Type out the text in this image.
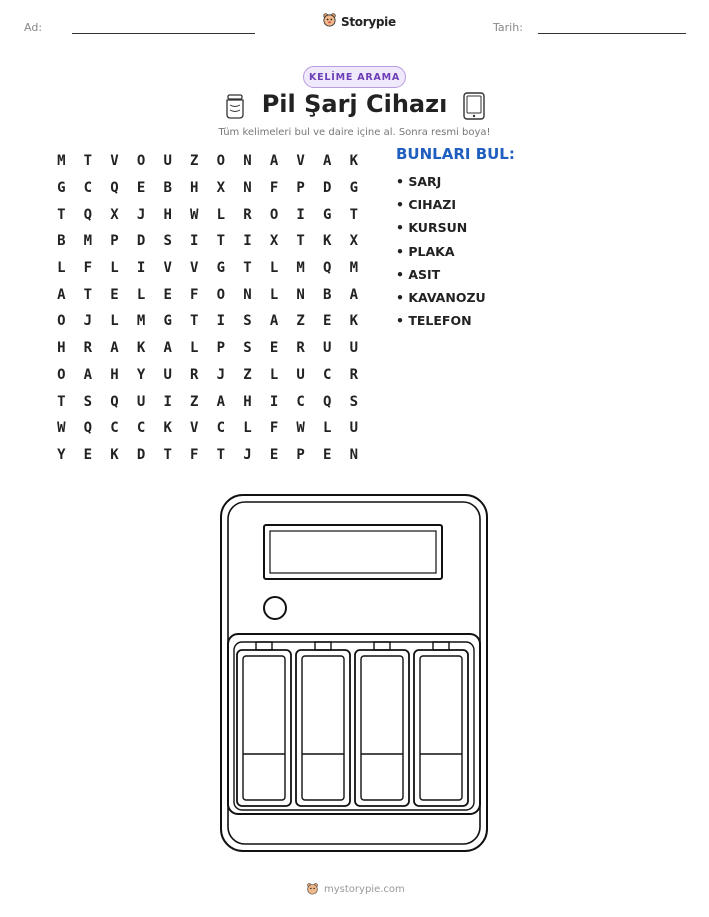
Ad:	Storypie	Tarih:
KELİME ARAMA
Pil Şarj Cihazı
Tüm kelimeleri bul ve daire içine al. Sonra resmi boya!
M	T	V	O	U	Z	O	N	A	V	A	K
G	C	Q	E	B	H	X	N	F	P	D	G
T	Q	X	J	H	W	L	R	O	I	G	T
B	M	P	D	S	I	T	I	X	T	K	X
L	F	L	I	V	V	G	T	L	M	Q	M
A	T	E	L	E	F	O	N	L	N	B	A
O	J	L	M	G	T	I	S	A	Z	E	K
H	R	A	K	A	L	P	S	E	R	U	U
O	A	H	Y	U	R	J	Z	L	U	C	R
T	S	Q	U	I	Z	A	H	I	C	Q	S
W	Q	C	C	K	V	C	L	F	W	L	U
Y	E	K	D	T	F	T	J	E	P	E	N
BUNLARI BUL:
• SARJ
• CIHAZI
• KURSUN
• PLAKA
• ASIT
• KAVANOZU
• TELEFON
mystorypie.com
